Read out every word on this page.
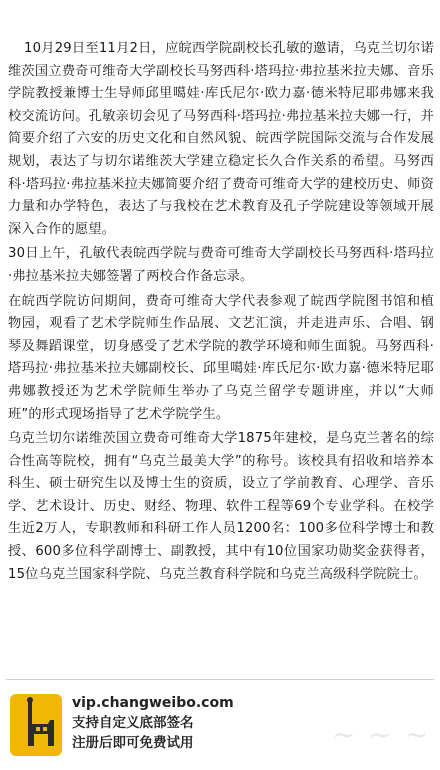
10月29日至11月2日，应皖西学院副校长孔敏的邀请，乌克兰切尔诺维茨国立费奇可维奇大学副校长马努西科·塔玛拉·弗拉基米拉夫娜、音乐学院教授兼博士生导师邱里噶娃·库氏尼尔·欧力嘉·德米特尼耶弗娜来我校交流访问。孔敏亲切会见了马努西科·塔玛拉·弗拉基米拉夫娜一行，并简要介绍了六安的历史文化和自然风貌、皖西学院国际交流与合作发展规划，表达了与切尔诺维茨大学建立稳定长久合作关系的希望。马努西科·塔玛拉·弗拉基米拉夫娜简要介绍了费奇可维奇大学的建校历史、师资力量和办学特色，表达了与我校在艺术教育及孔子学院建设等领域开展深入合作的愿望。

30日上午，孔敏代表皖西学院与费奇可维奇大学副校长马努西科·塔玛拉·弗拉基米拉夫娜签署了两校合作备忘录。

在皖西学院访问期间，费奇可维奇大学代表参观了皖西学院图书馆和植物园，观看了艺术学院师生作品展、文艺汇演，并走进声乐、合唱、钢琴及舞蹈课堂，切身感受了艺术学院的教学环境和师生面貌。马努西科·塔玛拉·弗拉基米拉夫娜副校长、邱里噶娃·库氏尼尔·欧力嘉·德米特尼耶弗娜教授还为艺术学院师生举办了乌克兰留学专题讲座，并以“大师班”的形式现场指导了艺术学院学生。

乌克兰切尔诺维茨国立费奇可维奇大学1875年建校，是乌克兰著名的综合性高等院校，拥有“乌克兰最美大学”的称号。该校具有招收和培养本科生、硕士研究生以及博士生的资质，设立了学前教育、心理学、音乐学、艺术设计、历史、财经、物理、软件工程等69个专业学科。在校学生近2万人，专职教师和科研工作人员1200名：100多位科学博士和教授、600多位科学副博士、副教授，其中有10位国家功勋奖金获得者，15位乌克兰国家科学院、乌克兰教育科学院和乌克兰高级科学院院士。

vip.changweibo.com
支持自定义底部签名
注册后即可免费试用	~ ~ ~
